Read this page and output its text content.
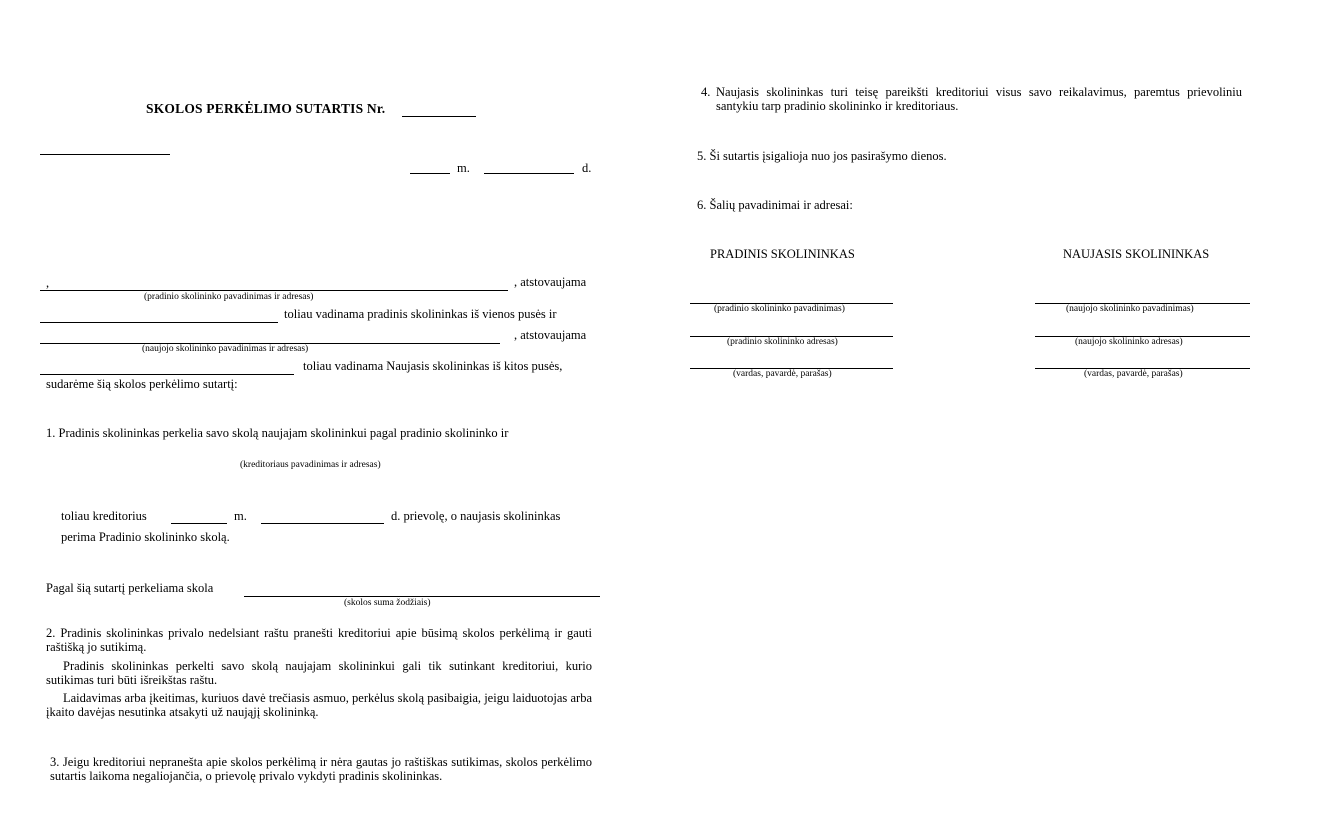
SKOLOS PERKĖLIMO SUTARTIS Nr.
m.	d.
,	, atstovaujama
(pradinio skolininko pavadinimas ir adresas)
toliau vadinama pradinis skolininkas iš vienos pusės ir
, atstovaujama
(naujojo skolininko pavadinimas ir adresas)
toliau vadinama Naujasis skolininkas iš kitos pusės,
sudarėme šią skolos perkėlimo sutartį:
1. Pradinis skolininkas perkelia savo skolą naujajam skolininkui pagal pradinio skolininko ir
(kreditoriaus pavadinimas ir adresas)
toliau kreditorius	m.	d. prievolę, o naujasis skolininkas
perima Pradinio skolininko skolą.
Pagal šią sutartį perkeliama skola
(skolos suma žodžiais)
2. Pradinis skolininkas privalo nedelsiant raštu pranešti kreditoriui apie būsimą skolos perkėlimą ir gauti raštišką jo sutikimą.
Pradinis skolininkas perkelti savo skolą naujajam skolininkui gali tik sutinkant kreditoriui, kurio sutikimas turi būti išreikštas raštu.
Laidavimas arba įkeitimas, kuriuos davė trečiasis asmuo, perkėlus skolą pasibaigia, jeigu laiduotojas arba įkaito davėjas nesutinka atsakyti už naująjį skolininką.
3. Jeigu kreditoriui nepranešta apie skolos perkėlimą ir nėra gautas jo raštiškas sutikimas, skolos perkėlimo sutartis laikoma negaliojančia, o prievolę privalo vykdyti pradinis skolininkas.
4. Naujasis skolininkas turi teisę pareikšti kreditoriui visus savo reikalavimus, paremtus prievoliniu santykiu tarp pradinio skolininko ir kreditoriaus.
5. Ši sutartis įsigalioja nuo jos pasirašymo dienos.
6. Šalių pavadinimai ir adresai:
PRADINIS SKOLININKAS
(pradinio skolininko pavadinimas)
(pradinio skolininko adresas)
(vardas, pavardė, parašas)
NAUJASIS SKOLININKAS
(naujojo skolininko pavadinimas)
(naujojo skolininko adresas)
(vardas, pavardė, parašas)
